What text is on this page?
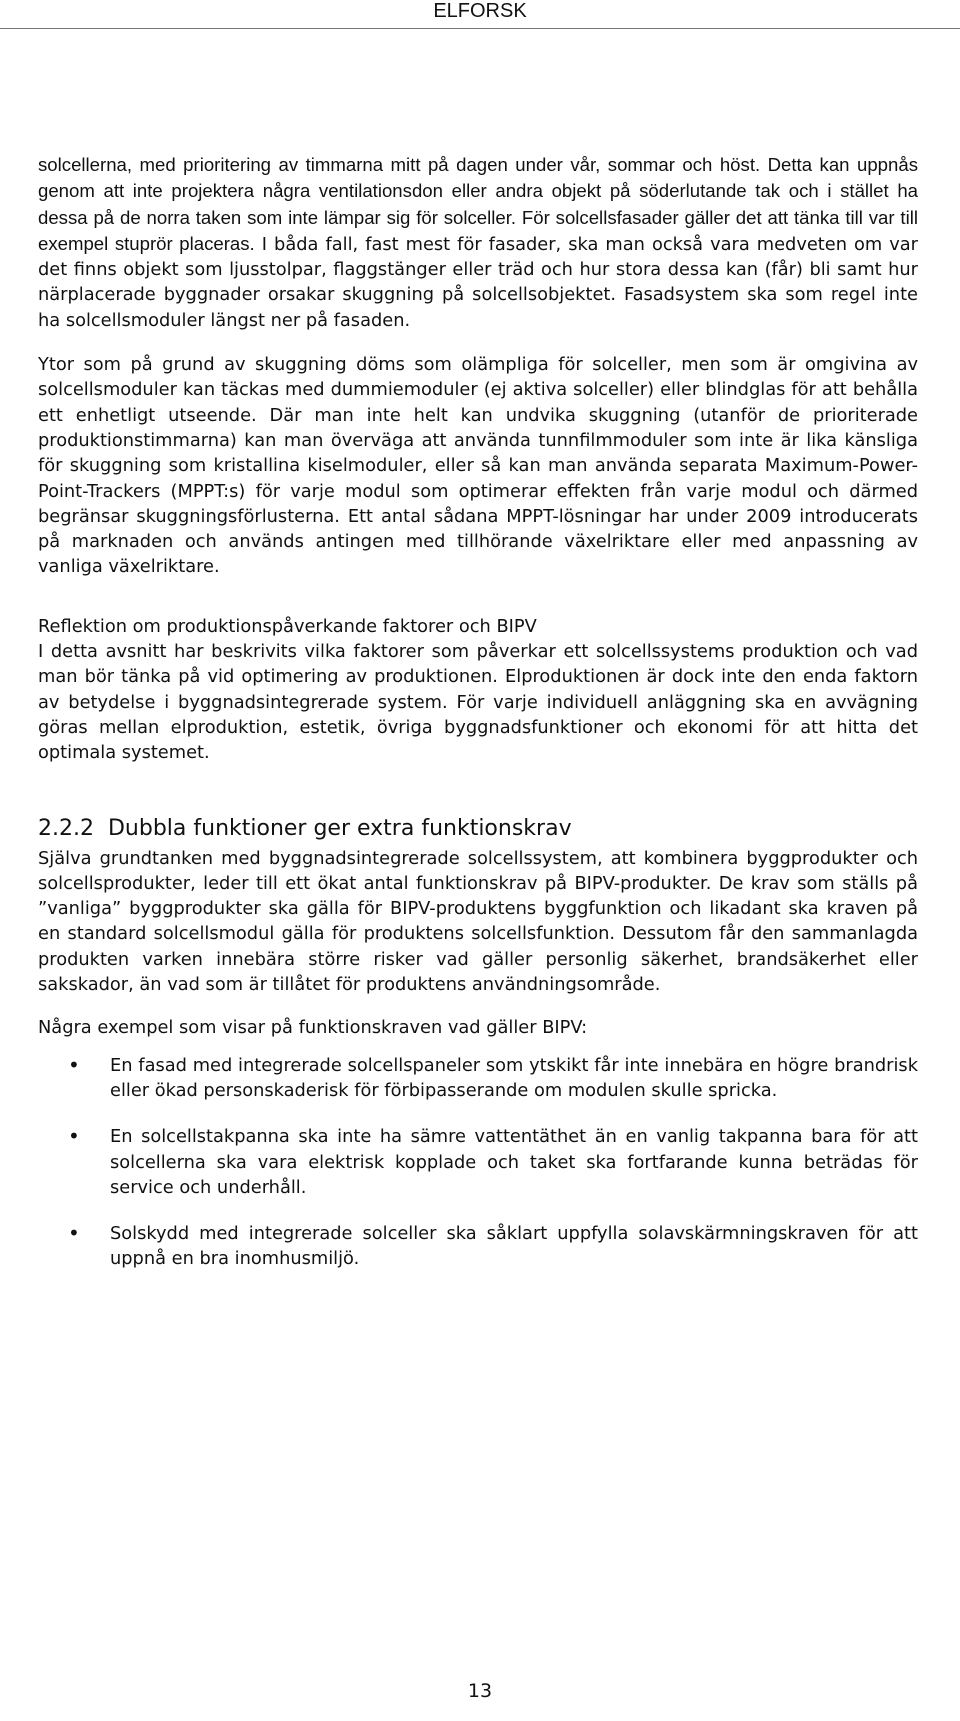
ELFORSK

solcellerna, med prioritering av timmarna mitt på dagen under vår, sommar och höst. Detta kan uppnås genom att inte projektera några ventilationsdon eller andra objekt på söderlutande tak och i stället ha dessa på de norra taken som inte lämpar sig för solceller. För solcellsfasader gäller det att tänka till var till exempel stuprör placeras. I båda fall, fast mest för fasader, ska man också vara medveten om var det finns objekt som ljusstolpar, flaggstänger eller träd och hur stora dessa kan (får) bli samt hur närplacerade byggnader orsakar skuggning på solcellsobjektet. Fasadsystem ska som regel inte ha solcellsmoduler längst ner på fasaden.

Ytor som på grund av skuggning döms som olämpliga för solceller, men som är omgivina av solcellsmoduler kan täckas med dummiemoduler (ej aktiva solceller) eller blindglas för att behålla ett enhetligt utseende. Där man inte helt kan undvika skuggning (utanför de prioriterade produktionstimmarna) kan man överväga att använda tunnfilmmoduler som inte är lika känsliga för skuggning som kristallina kiselmoduler, eller så kan man använda separata Maximum-Power-Point-Trackers (MPPT:s) för varje modul som optimerar effekten från varje modul och därmed begränsar skuggningsförlusterna. Ett antal sådana MPPT-lösningar har under 2009 introducerats på marknaden och används antingen med tillhörande växelriktare eller med anpassning av vanliga växelriktare.

Reflektion om produktionspåverkande faktorer och BIPV

I detta avsnitt har beskrivits vilka faktorer som påverkar ett solcellssystems produktion och vad man bör tänka på vid optimering av produktionen. Elproduktionen är dock inte den enda faktorn av betydelse i byggnadsintegrerade system. För varje individuell anläggning ska en avvägning göras mellan elproduktion, estetik, övriga byggnadsfunktioner och ekonomi för att hitta det optimala systemet.

2.2.2 Dubbla funktioner ger extra funktionskrav

Själva grundtanken med byggnadsintegrerade solcellssystem, att kombinera byggprodukter och solcellsprodukter, leder till ett ökat antal funktionskrav på BIPV-produkter. De krav som ställs på ”vanliga” byggprodukter ska gälla för BIPV-produktens byggfunktion och likadant ska kraven på en standard solcellsmodul gälla för produktens solcellsfunktion. Dessutom får den sammanlagda produkten varken innebära större risker vad gäller personlig säkerhet, brandsäkerhet eller sakskador, än vad som är tillåtet för produktens användningsområde.

Några exempel som visar på funktionskraven vad gäller BIPV:

• En fasad med integrerade solcellspaneler som ytskikt får inte innebära en högre brandrisk eller ökad personskaderisk för förbipasserande om modulen skulle spricka.
• En solcellstakpanna ska inte ha sämre vattentäthet än en vanlig takpanna bara för att solcellerna ska vara elektrisk kopplade och taket ska fortfarande kunna beträdas för service och underhåll.
• Solskydd med integrerade solceller ska såklart uppfylla solavskärmningskraven för att uppnå en bra inomhusmiljö.
13
